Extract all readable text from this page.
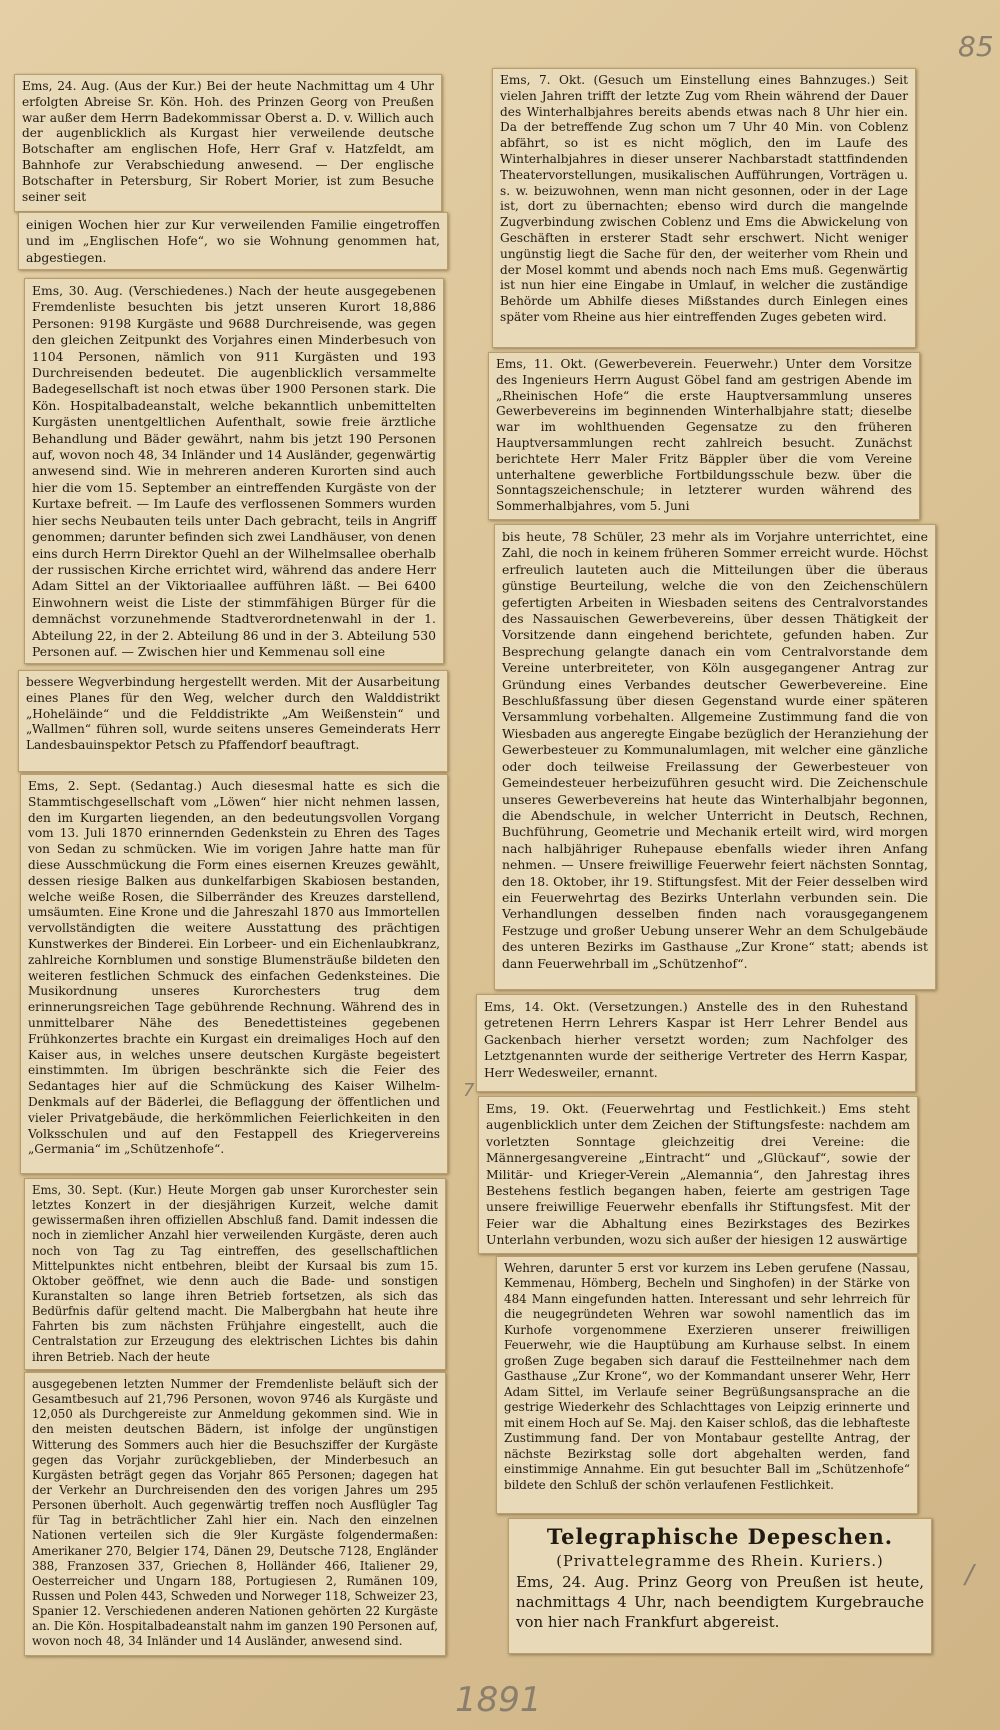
85
1891
7
/

Ems, 24. Aug. (Aus der Kur.) Bei der heute Nachmittag um 4 Uhr erfolgten Abreise Sr. Kön. Hoh. des Prinzen Georg von Preußen war außer dem Herrn Badekommissar Oberst a. D. v. Willich auch der augenblicklich als Kurgast hier verweilende deutsche Botschafter am englischen Hofe, Herr Graf v. Hatzfeldt, am Bahnhofe zur Verabschiedung anwesend. — Der englische Botschafter in Petersburg, Sir Robert Morier, ist zum Besuche seiner seit

einigen Wochen hier zur Kur verweilenden Familie eingetroffen und im „Englischen Hofe“, wo sie Wohnung genommen hat, abgestiegen.

Ems, 30. Aug. (Verschiedenes.) Nach der heute ausgegebenen Fremdenliste besuchten bis jetzt unseren Kurort 18,886 Personen: 9198 Kurgäste und 9688 Durchreisende, was gegen den gleichen Zeitpunkt des Vorjahres einen Minderbesuch von 1104 Personen, nämlich von 911 Kurgästen und 193 Durchreisenden bedeutet. Die augenblicklich versammelte Badegesellschaft ist noch etwas über 1900 Personen stark. Die Kön. Hospitalbadeanstalt, welche bekanntlich unbemittelten Kurgästen unentgeltlichen Aufenthalt, sowie freie ärztliche Behandlung und Bäder gewährt, nahm bis jetzt 190 Personen auf, wovon noch 48, 34 Inländer und 14 Ausländer, gegenwärtig anwesend sind. Wie in mehreren anderen Kurorten sind auch hier die vom 15. September an eintreffenden Kurgäste von der Kurtaxe befreit. — Im Laufe des verflossenen Sommers wurden hier sechs Neubauten teils unter Dach gebracht, teils in Angriff genommen; darunter befinden sich zwei Landhäuser, von denen eins durch Herrn Direktor Quehl an der Wilhelmsallee oberhalb der russischen Kirche errichtet wird, während das andere Herr Adam Sittel an der Viktoriaallee aufführen läßt. — Bei 6400 Einwohnern weist die Liste der stimmfähigen Bürger für die demnächst vorzunehmende Stadtverordnetenwahl in der 1. Abteilung 22, in der 2. Abteilung 86 und in der 3. Abteilung 530 Personen auf. — Zwischen hier und Kemmenau soll eine

bessere Wegverbindung hergestellt werden. Mit der Ausarbeitung eines Planes für den Weg, welcher durch den Walddistrikt „Hoheläinde“ und die Felddistrikte „Am Weißenstein“ und „Wallmen“ führen soll, wurde seitens unseres Gemeinderats Herr Landesbauinspektor Petsch zu Pfaffendorf beauftragt.

Ems, 2. Sept. (Sedantag.) Auch diesesmal hatte es sich die Stammtischgesellschaft vom „Löwen“ hier nicht nehmen lassen, den im Kurgarten liegenden, an den bedeutungsvollen Vorgang vom 13. Juli 1870 erinnernden Gedenkstein zu Ehren des Tages von Sedan zu schmücken. Wie im vorigen Jahre hatte man für diese Ausschmückung die Form eines eisernen Kreuzes gewählt, dessen riesige Balken aus dunkelfarbigen Skabiosen bestanden, welche weiße Rosen, die Silberränder des Kreuzes darstellend, umsäumten. Eine Krone und die Jahreszahl 1870 aus Immortellen vervollständigten die weitere Ausstattung des prächtigen Kunstwerkes der Binderei. Ein Lorbeer- und ein Eichenlaubkranz, zahlreiche Kornblumen und sonstige Blumensträuße bildeten den weiteren festlichen Schmuck des einfachen Gedenksteines. Die Musikordnung unseres Kurorchesters trug dem erinnerungsreichen Tage gebührende Rechnung. Während des in unmittelbarer Nähe des Benedettisteines gegebenen Frühkonzertes brachte ein Kurgast ein dreimaliges Hoch auf den Kaiser aus, in welches unsere deutschen Kurgäste begeistert einstimmten. Im übrigen beschränkte sich die Feier des Sedantages hier auf die Schmückung des Kaiser Wilhelm-Denkmals auf der Bäderlei, die Beflaggung der öffentlichen und vieler Privatgebäude, die herkömmlichen Feierlichkeiten in den Volksschulen und auf den Festappell des Kriegervereins „Germania“ im „Schützenhofe“.

Ems, 30. Sept. (Kur.) Heute Morgen gab unser Kurorchester sein letztes Konzert in der diesjährigen Kurzeit, welche damit gewissermaßen ihren offiziellen Abschluß fand. Damit indessen die noch in ziemlicher Anzahl hier verweilenden Kurgäste, deren auch noch von Tag zu Tag eintreffen, des gesellschaftlichen Mittelpunktes nicht entbehren, bleibt der Kursaal bis zum 15. Oktober geöffnet, wie denn auch die Bade- und sonstigen Kuranstalten so lange ihren Betrieb fortsetzen, als sich das Bedürfnis dafür geltend macht. Die Malbergbahn hat heute ihre Fahrten bis zum nächsten Frühjahre eingestellt, auch die Centralstation zur Erzeugung des elektrischen Lichtes bis dahin ihren Betrieb. Nach der heute

ausgegebenen letzten Nummer der Fremdenliste beläuft sich der Gesamtbesuch auf 21,796 Personen, wovon 9746 als Kurgäste und 12,050 als Durchgereiste zur Anmeldung gekommen sind. Wie in den meisten deutschen Bädern, ist infolge der ungünstigen Witterung des Sommers auch hier die Besuchsziffer der Kurgäste gegen das Vorjahr zurückgeblieben, der Minderbesuch an Kurgästen beträgt gegen das Vorjahr 865 Personen; dagegen hat der Verkehr an Durchreisenden den des vorigen Jahres um 295 Personen überholt. Auch gegenwärtig treffen noch Ausflügler Tag für Tag in beträchtlicher Zahl hier ein. Nach den einzelnen Nationen verteilen sich die 9ler Kurgäste folgendermaßen: Amerikaner 270, Belgier 174, Dänen 29, Deutsche 7128, Engländer 388, Franzosen 337, Griechen 8, Holländer 466, Italiener 29, Oesterreicher und Ungarn 188, Portugiesen 2, Rumänen 109, Russen und Polen 443, Schweden und Norweger 118, Schweizer 23, Spanier 12. Verschiedenen anderen Nationen gehörten 22 Kurgäste an. Die Kön. Hospitalbadeanstalt nahm im ganzen 190 Personen auf, wovon noch 48, 34 Inländer und 14 Ausländer, anwesend sind.

Ems, 7. Okt. (Gesuch um Einstellung eines Bahnzuges.) Seit vielen Jahren trifft der letzte Zug vom Rhein während der Dauer des Winterhalbjahres bereits abends etwas nach 8 Uhr hier ein. Da der betreffende Zug schon um 7 Uhr 40 Min. von Coblenz abfährt, so ist es nicht möglich, den im Laufe des Winterhalbjahres in dieser unserer Nachbarstadt stattfindenden Theatervorstellungen, musikalischen Aufführungen, Vorträgen u. s. w. beizuwohnen, wenn man nicht gesonnen, oder in der Lage ist, dort zu übernachten; ebenso wird durch die mangelnde Zugverbindung zwischen Coblenz und Ems die Abwickelung von Geschäften in ersterer Stadt sehr erschwert. Nicht weniger ungünstig liegt die Sache für den, der weiterher vom Rhein und der Mosel kommt und abends noch nach Ems muß. Gegenwärtig ist nun hier eine Eingabe in Umlauf, in welcher die zuständige Behörde um Abhilfe dieses Mißstandes durch Einlegen eines später vom Rheine aus hier eintreffenden Zuges gebeten wird.

Ems, 11. Okt. (Gewerbeverein. Feuerwehr.) Unter dem Vorsitze des Ingenieurs Herrn August Göbel fand am gestrigen Abende im „Rheinischen Hofe“ die erste Hauptversammlung unseres Gewerbevereins im beginnenden Winterhalbjahre statt; dieselbe war im wohlthuenden Gegensatze zu den früheren Hauptversammlungen recht zahlreich besucht. Zunächst berichtete Herr Maler Fritz Bäppler über die vom Vereine unterhaltene gewerbliche Fortbildungsschule bezw. über die Sonntagszeichenschule; in letzterer wurden während des Sommerhalbjahres, vom 5. Juni

bis heute, 78 Schüler, 23 mehr als im Vorjahre unterrichtet, eine Zahl, die noch in keinem früheren Sommer erreicht wurde. Höchst erfreulich lauteten auch die Mitteilungen über die überaus günstige Beurteilung, welche die von den Zeichenschülern gefertigten Arbeiten in Wiesbaden seitens des Centralvorstandes des Nassauischen Gewerbevereins, über dessen Thätigkeit der Vorsitzende dann eingehend berichtete, gefunden haben. Zur Besprechung gelangte danach ein vom Centralvorstande dem Vereine unterbreiteter, von Köln ausgegangener Antrag zur Gründung eines Verbandes deutscher Gewerbevereine. Eine Beschlußfassung über diesen Gegenstand wurde einer späteren Versammlung vorbehalten. Allgemeine Zustimmung fand die von Wiesbaden aus angeregte Eingabe bezüglich der Heranziehung der Gewerbesteuer zu Kommunalumlagen, mit welcher eine gänzliche oder doch teilweise Freilassung der Gewerbesteuer von Gemeindesteuer herbeizuführen gesucht wird. Die Zeichenschule unseres Gewerbevereins hat heute das Winterhalbjahr begonnen, die Abendschule, in welcher Unterricht in Deutsch, Rechnen, Buchführung, Geometrie und Mechanik erteilt wird, wird morgen nach halbjähriger Ruhepause ebenfalls wieder ihren Anfang nehmen. — Unsere freiwillige Feuerwehr feiert nächsten Sonntag, den 18. Oktober, ihr 19. Stiftungsfest. Mit der Feier desselben wird ein Feuerwehrtag des Bezirks Unterlahn verbunden sein. Die Verhandlungen desselben finden nach vorausgegangenem Festzuge und großer Uebung unserer Wehr an dem Schulgebäude des unteren Bezirks im Gasthause „Zur Krone“ statt; abends ist dann Feuerwehrball im „Schützenhof“.

Ems, 14. Okt. (Versetzungen.) Anstelle des in den Ruhestand getretenen Herrn Lehrers Kaspar ist Herr Lehrer Bendel aus Gackenbach hierher versetzt worden; zum Nachfolger des Letztgenannten wurde der seitherige Vertreter des Herrn Kaspar, Herr Wedesweiler, ernannt.

Ems, 19. Okt. (Feuerwehrtag und Festlichkeit.) Ems steht augenblicklich unter dem Zeichen der Stiftungsfeste: nachdem am vorletzten Sonntage gleichzeitig drei Vereine: die Männergesangvereine „Eintracht“ und „Glückauf“, sowie der Militär- und Krieger-Verein „Alemannia“, den Jahrestag ihres Bestehens festlich begangen haben, feierte am gestrigen Tage unsere freiwillige Feuerwehr ebenfalls ihr Stiftungsfest. Mit der Feier war die Abhaltung eines Bezirkstages des Bezirkes Unterlahn verbunden, wozu sich außer der hiesigen 12 auswärtige

Wehren, darunter 5 erst vor kurzem ins Leben gerufene (Nassau, Kemmenau, Hömberg, Becheln und Singhofen) in der Stärke von 484 Mann eingefunden hatten. Interessant und sehr lehrreich für die neugegründeten Wehren war sowohl namentlich das im Kurhofe vorgenommene Exerzieren unserer freiwilligen Feuerwehr, wie die Hauptübung am Kurhause selbst. In einem großen Zuge begaben sich darauf die Festteilnehmer nach dem Gasthause „Zur Krone“, wo der Kommandant unserer Wehr, Herr Adam Sittel, im Verlaufe seiner Begrüßungsansprache an die gestrige Wiederkehr des Schlachttages von Leipzig erinnerte und mit einem Hoch auf Se. Maj. den Kaiser schloß, das die lebhafteste Zustimmung fand. Der von Montabaur gestellte Antrag, der nächste Bezirkstag solle dort abgehalten werden, fand einstimmige Annahme. Ein gut besuchter Ball im „Schützenhofe“ bildete den Schluß der schön verlaufenen Festlichkeit.

Telegraphische Depeschen.
(Privattelegramme des Rhein. Kuriers.)

Ems, 24. Aug. Prinz Georg von Preußen ist heute, nachmittags 4 Uhr, nach beendigtem Kurgebrauche von hier nach Frankfurt abgereist.
